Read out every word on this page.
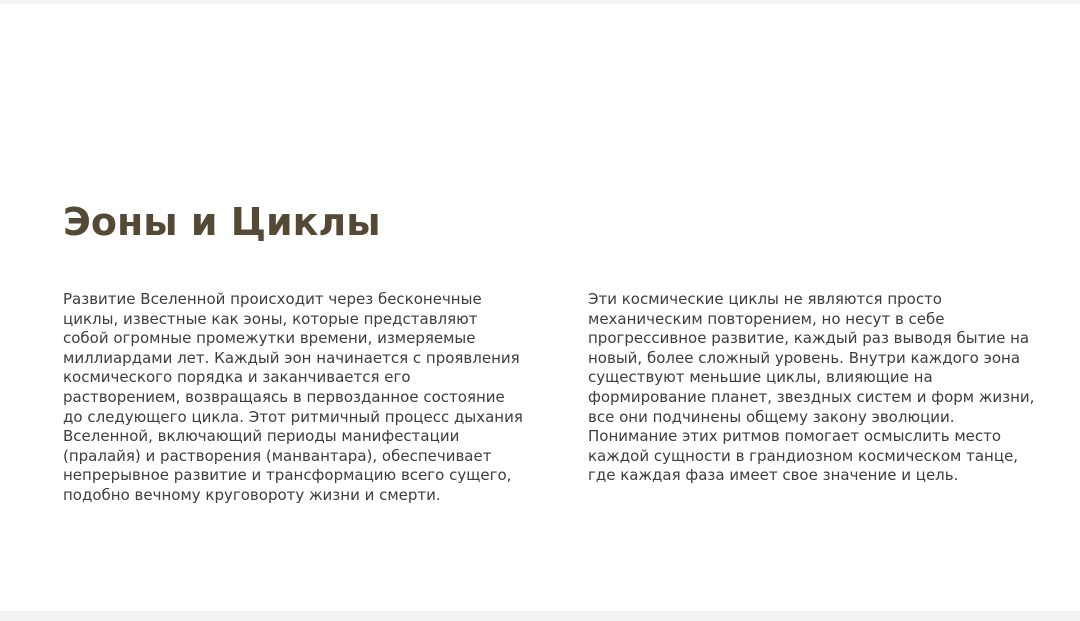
Эоны и Циклы

Развитие Вселенной происходит через бесконечные циклы, известные как эоны, которые представляют собой огромные промежутки времени, измеряемые миллиардами лет. Каждый эон начинается с проявления космического порядка и заканчивается его растворением, возвращаясь в первозданное состояние до следующего цикла. Этот ритмичный процесс дыхания Вселенной, включающий периоды манифестации (пралайя) и растворения (манвантара), обеспечивает непрерывное развитие и трансформацию всего сущего, подобно вечному круговороту жизни и смерти.

Эти космические циклы не являются просто механическим повторением, но несут в себе прогрессивное развитие, каждый раз выводя бытие на новый, более сложный уровень. Внутри каждого эона существуют меньшие циклы, влияющие на формирование планет, звездных систем и форм жизни, все они подчинены общему закону эволюции. Понимание этих ритмов помогает осмыслить место каждой сущности в грандиозном космическом танце, где каждая фаза имеет свое значение и цель.
